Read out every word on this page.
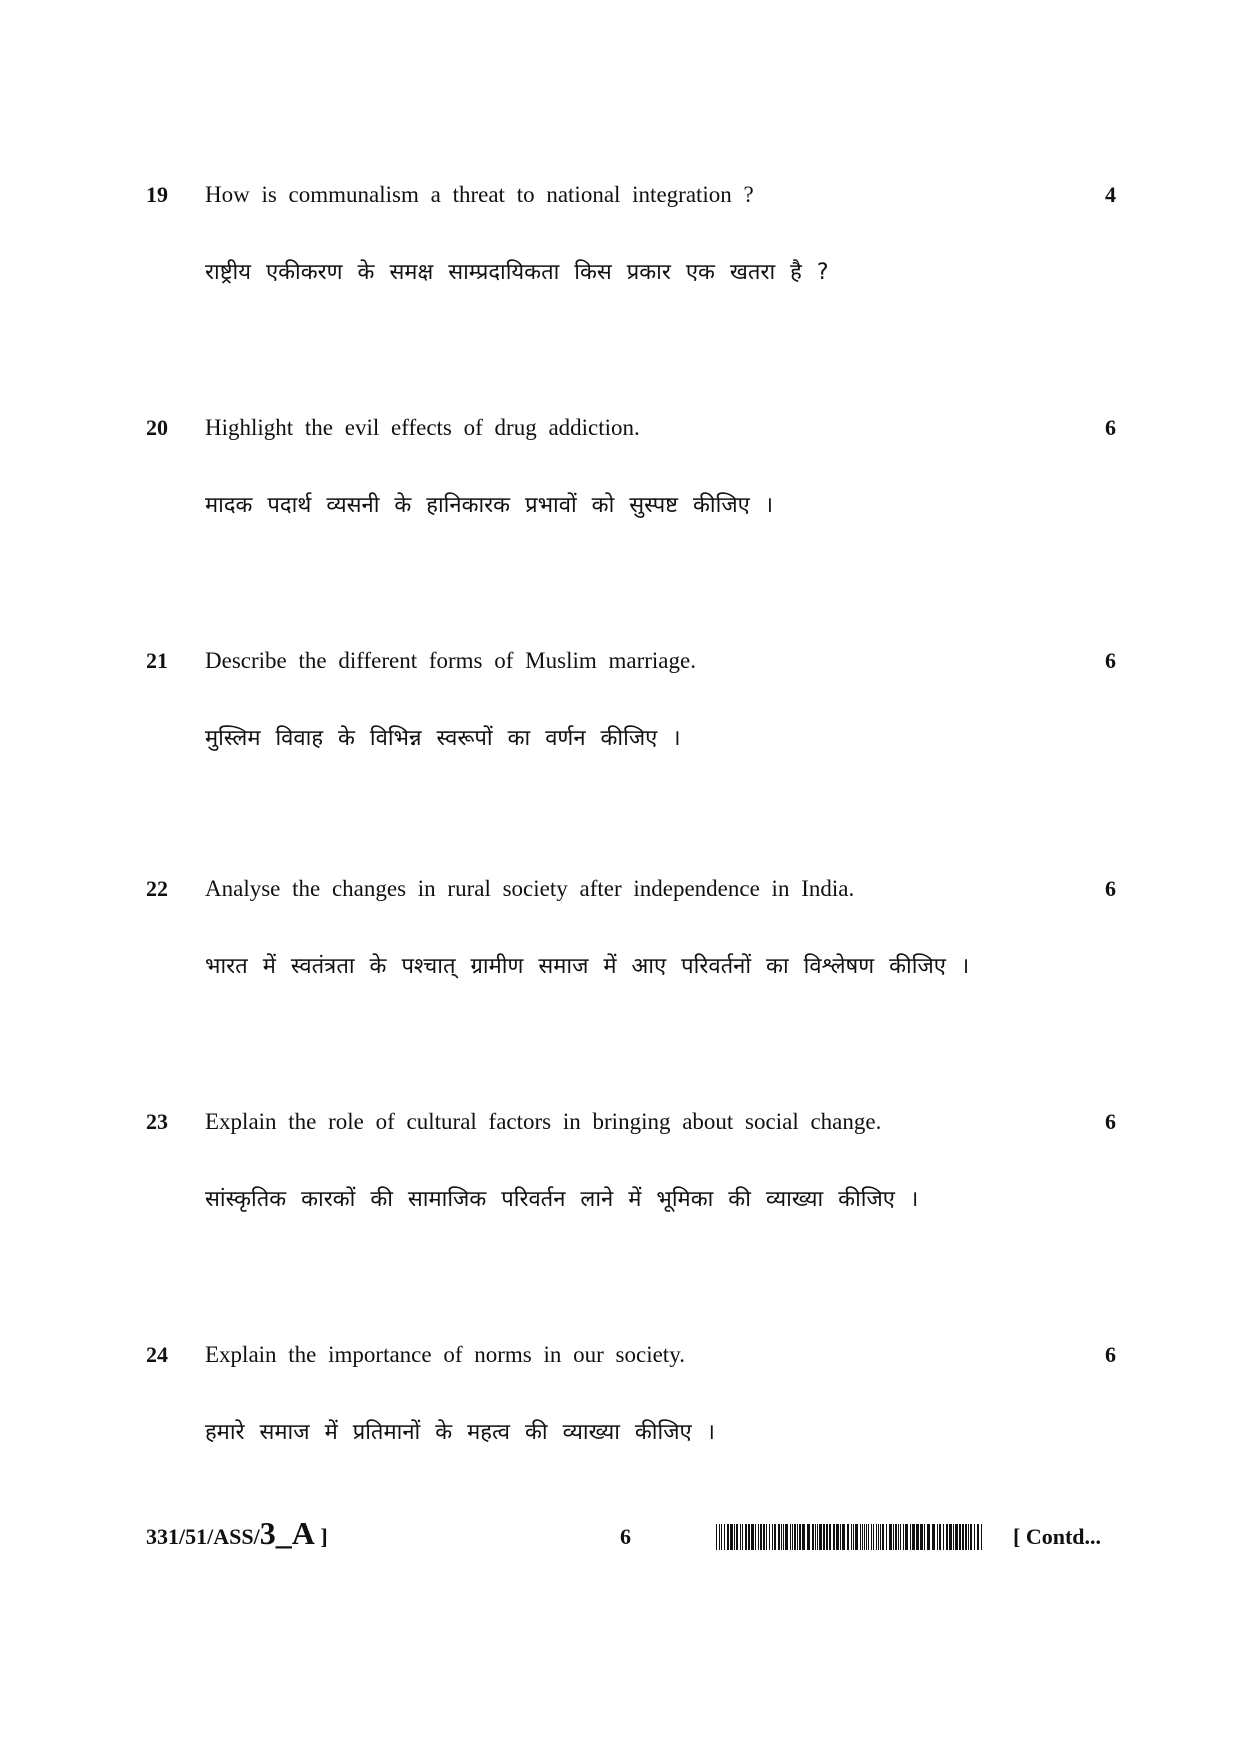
19 How is communalism a threat to national integration ?	4
राष्ट्रीय एकीकरण के समक्ष साम्प्रदायिकता किस प्रकार एक खतरा है ?
20 Highlight the evil effects of drug addiction.	6
मादक पदार्थ व्यसनी के हानिकारक प्रभावों को सुस्पष्ट कीजिए ।
21 Describe the different forms of Muslim marriage.	6
मुस्लिम विवाह के विभिन्न स्वरूपों का वर्णन कीजिए ।
22 Analyse the changes in rural society after independence in India.	6
भारत में स्वतंत्रता के पश्चात् ग्रामीण समाज में आए परिवर्तनों का विश्लेषण कीजिए ।
23 Explain the role of cultural factors in bringing about social change.	6
सांस्कृतिक कारकों की सामाजिक परिवर्तन लाने में भूमिका की व्याख्या कीजिए ।
24 Explain the importance of norms in our society.	6
हमारे समाज में प्रतिमानों के महत्व की व्याख्या कीजिए ।
331/51/ASS/3_A ]	6	[ Contd...
